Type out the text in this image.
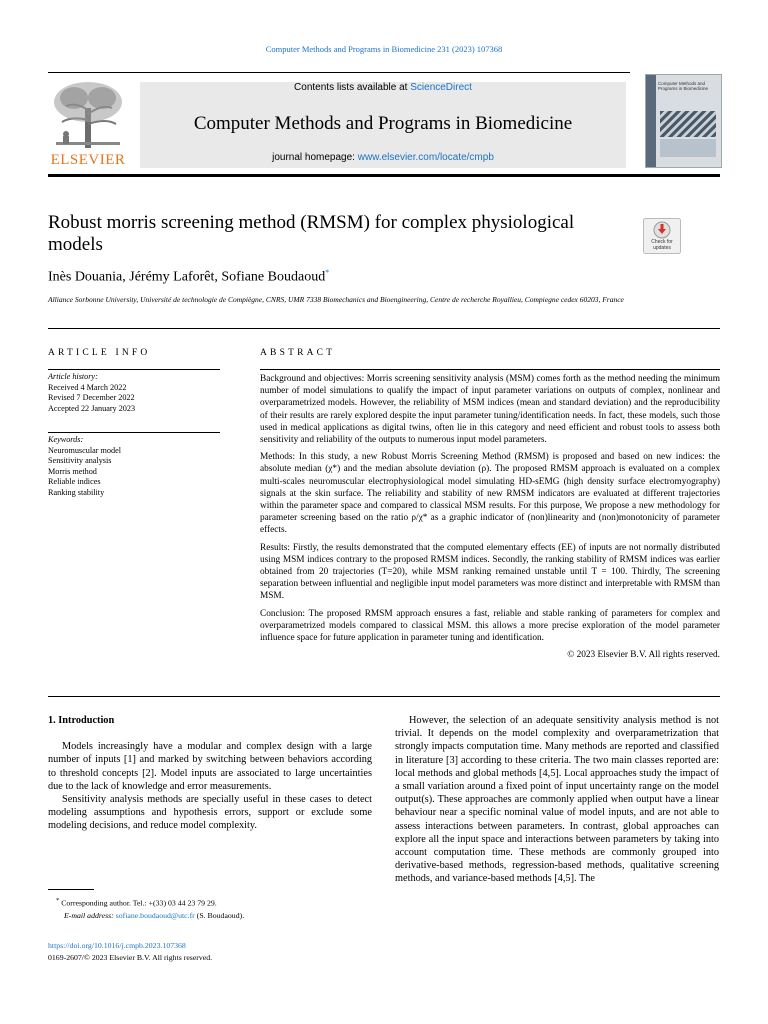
Computer Methods and Programs in Biomedicine 231 (2023) 107368
ELSEVIER
Contents lists available at ScienceDirect
Computer Methods and Programs in Biomedicine
journal homepage: www.elsevier.com/locate/cmpb
Computer Methods and Programs in Biomedicine
Robust morris screening method (RMSM) for complex physiological models	Check for
updates
Inès Douania, Jérémy Laforêt, Sofiane Boudaoud*
Alliance Sorbonne University, Université de technologie de Compiègne, CNRS, UMR 7338 Biomechanics and Bioengineering, Centre de recherche Royallieu, Compiegne cedex 60203, France
ARTICLE INFO
Article history:
Received 4 March 2022
Revised 7 December 2022
Accepted 22 January 2023
Keywords:
Neuromuscular model
Sensitivity analysis
Morris method
Reliable indices
Ranking stability
ABSTRACT

Background and objectives: Morris screening sensitivity analysis (MSM) comes forth as the method needing the minimum number of model simulations to qualify the impact of input parameter variations on outputs of complex, nonlinear and overparametrized models. However, the reliability of MSM indices (mean and standard deviation) and the reproducibility of their results are rarely explored despite the input parameter tuning/identification needs. In fact, these models, such those used in medical applications as digital twins, often lie in this category and need efficient and robust tools to assess both sensitivity and reliability of the outputs to numerous input model parameters.

Methods: In this study, a new Robust Morris Screening Method (RMSM) is proposed and based on new indices: the absolute median (χ*) and the median absolute deviation (ρ). The proposed RMSM approach is evaluated on a complex multi-scales neuromuscular electrophysiological model simulating HD-sEMG (high density surface electromyography) signals at the skin surface. The reliability and stability of new RMSM indicators are evaluated at different trajectories within the parameter space and compared to classical MSM results. For this purpose, We propose a new methodology for parameter screening based on the ratio ρ/χ* as a graphic indicator of (non)linearity and (non)monotonicity of parameter effects.

Results: Firstly, the results demonstrated that the computed elementary effects (EE) of inputs are not normally distributed using MSM indices contrary to the proposed RMSM indices. Secondly, the ranking stability of RMSM indices was earlier obtained from 20 trajectories (T=20), while MSM ranking remained unstable until T = 100. Thirdly, The screening separation between influential and negligible input model parameters was more distinct and interpretable with RMSM than MSM.

Conclusion: The proposed RMSM approach ensures a fast, reliable and stable ranking of parameters for complex and overparametrized models compared to classical MSM. this allows a more precise exploration of the model parameter influence space for future application in parameter tuning and identification.

© 2023 Elsevier B.V. All rights reserved.
1. Introduction

Models increasingly have a modular and complex design with a large number of inputs [1] and marked by switching between behaviors according to threshold concepts [2]. Model inputs are associated to large uncertainties due to the lack of knowledge and error measurements.

Sensitivity analysis methods are specially useful in these cases to detect modeling assumptions and hypothesis errors, support or exclude some modeling decisions, and reduce model complexity.

However, the selection of an adequate sensitivity analysis method is not trivial. It depends on the model complexity and overparametrization that strongly impacts computation time. Many methods are reported and classified in literature [3] according to these criteria. The two main classes reported are: local methods and global methods [4,5]. Local approaches study the impact of a small variation around a fixed point of input uncertainty range on the model output(s). These approaches are commonly applied when output have a linear behaviour near a specific nominal value of model inputs, and are not able to assess interactions between parameters. In contrast, global approaches can explore all the input space and interactions between parameters by taking into account computation time. These methods are commonly grouped into derivative-based methods, regression-based methods, qualitative screening methods, and variance-based methods [4,5]. The

* Corresponding author. Tel.: +(33) 03 44 23 79 29.
E-mail address: sofiane.boudaoud@utc.fr (S. Boudaoud).
https://doi.org/10.1016/j.cmpb.2023.107368
0169-2607/© 2023 Elsevier B.V. All rights reserved.
